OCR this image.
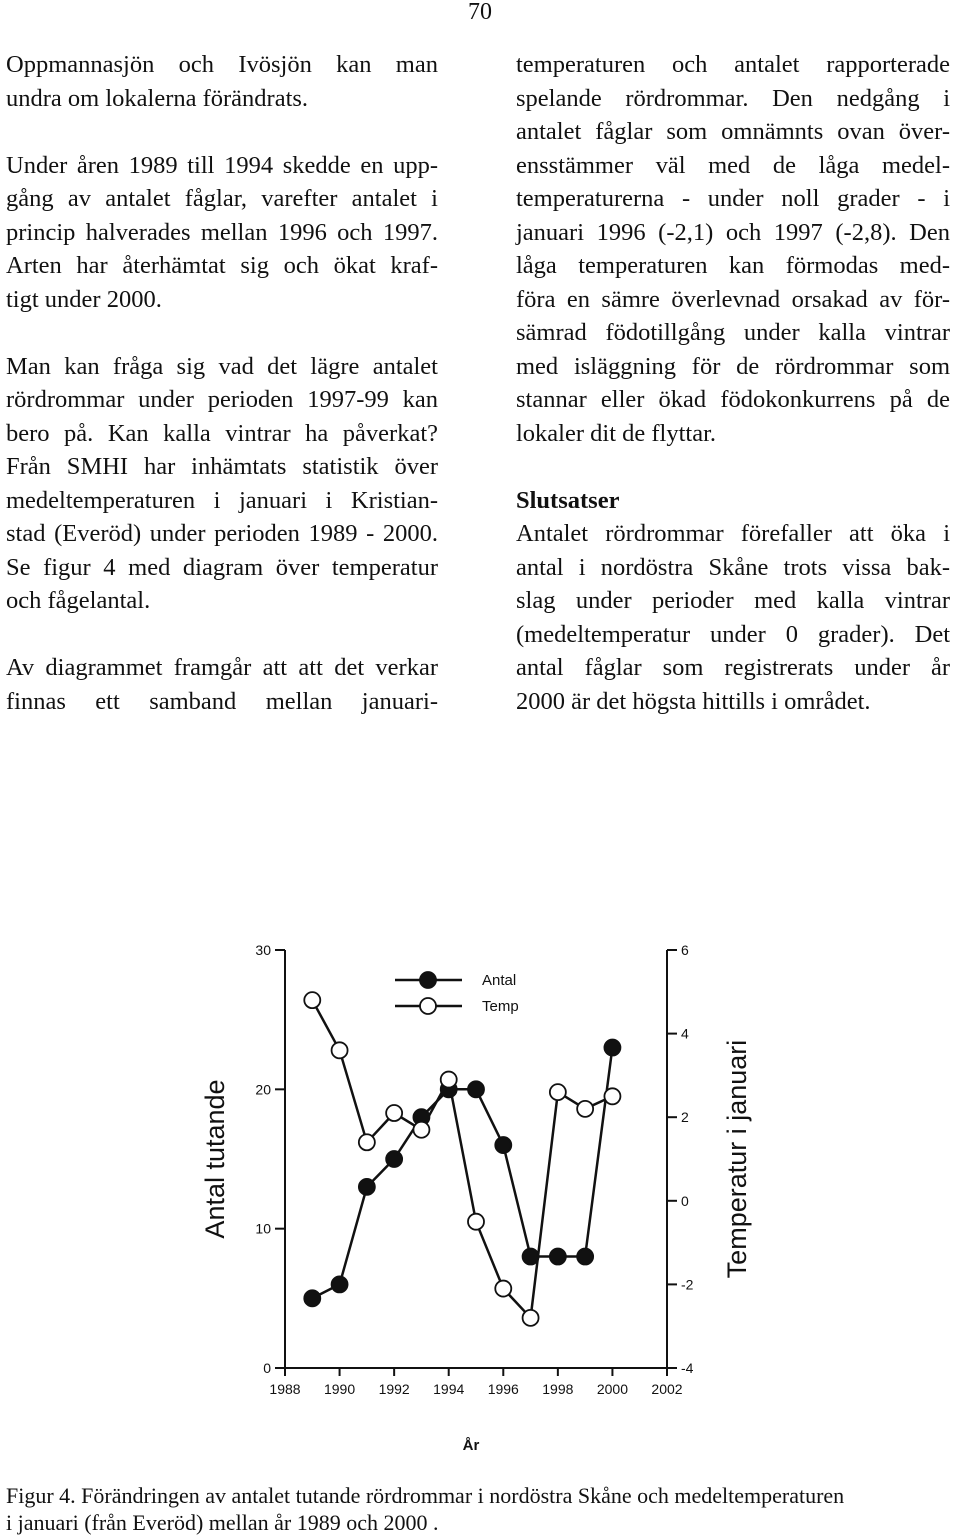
70

Oppmannasjön och Ivösjön kan man
undra om lokalerna förändrats.

Under åren 1989 till 1994 skedde en upp-
gång av antalet fåglar, varefter antalet i
princip halverades mellan 1996 och 1997.
Arten har återhämtat sig och ökat kraf-
tigt under 2000.

Man kan fråga sig vad det lägre antalet
rördrommar under perioden 1997-99 kan
bero på. Kan kalla vintrar ha påverkat?
Från SMHI har inhämtats statistik över
medeltemperaturen i januari i Kristian-
stad (Everöd) under perioden 1989 - 2000.
Se figur 4 med diagram över temperatur
och fågelantal.

Av diagrammet framgår att att det verkar
finnas ett samband mellan januari-

temperaturen och antalet rapporterade
spelande rördrommar. Den nedgång i
antalet fåglar som omnämnts ovan över-
ensstämmer väl med de låga medel-
temperaturerna - under noll grader - i
januari 1996 (-2,1) och 1997 (-2,8). Den
låga temperaturen kan förmodas med-
föra en sämre överlevnad orsakad av för-
sämrad födotillgång under kalla vintrar
med isläggning för de rördrommar som
stannar eller ökad födokonkurrens på de
lokaler dit de flyttar.

Slutsatser
Antalet rördrommar förefaller att öka i
antal i nordöstra Skåne trots vissa bak-
slag under perioder med kalla vintrar
(medeltemperatur under 0 grader). Det
antal fåglar som registrerats under år
2000 är det högsta hittills i området.

0
10
20
30
-4
-2
0
2
4
6
1988 1990 1992 1994 1996 1998 2000 2002
Antal
Temp
Antal tutande	Temperatur i januari
År
Figur 4. Förändringen av antalet tutande rördrommar i nordöstra Skåne och medeltemperaturen
i januari (från Everöd) mellan år 1989 och 2000 .
